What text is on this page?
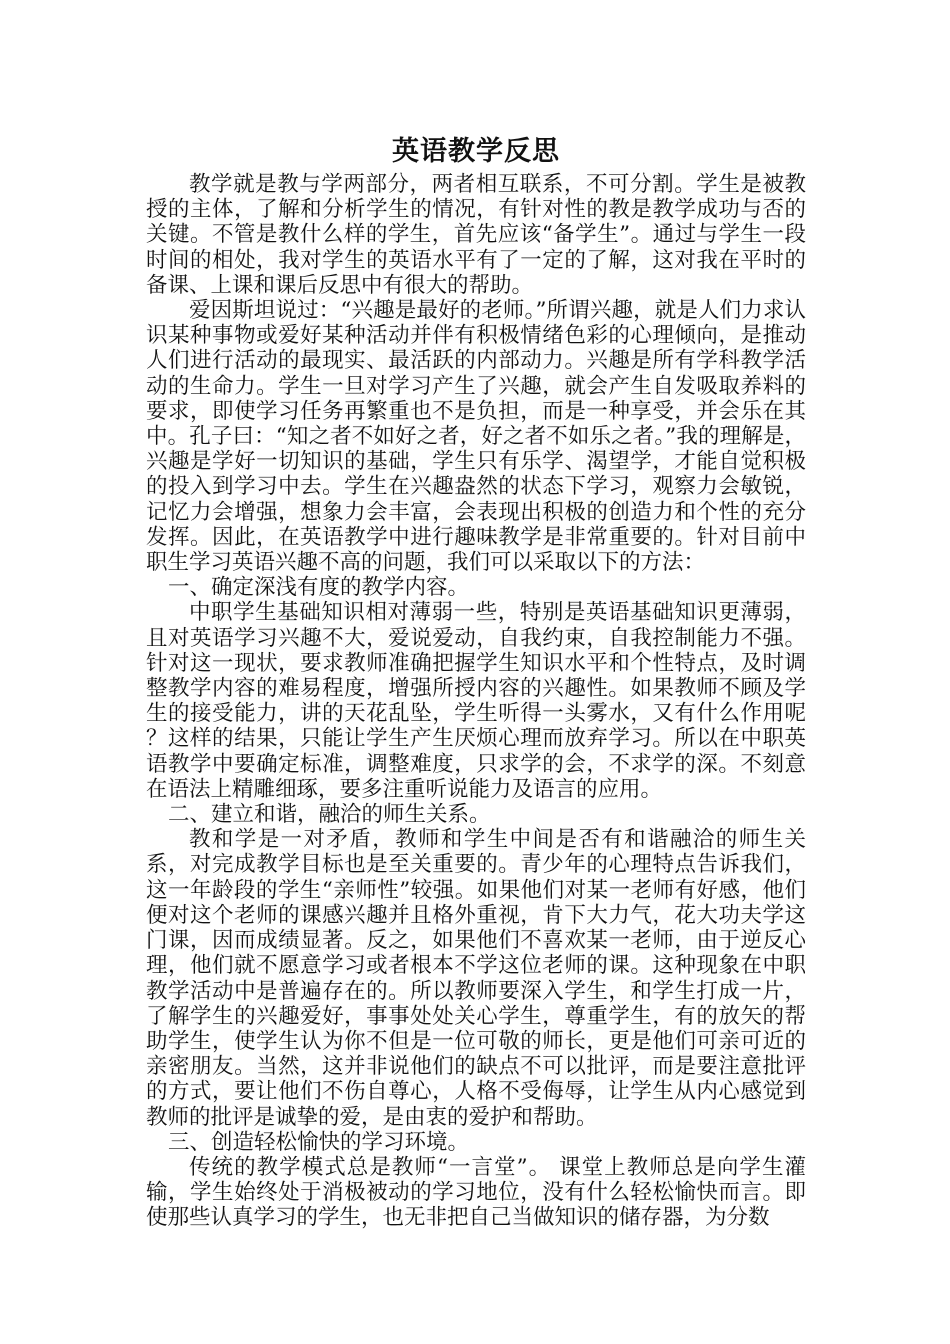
英语教学反思

教学就是教与学两部分，两者相互联系，不可分割。学生是被教授的主体，了解和分析学生的情况，有针对性的教是教学成功与否的关键。不管是教什么样的学生，首先应该“备学生”。通过与学生一段时间的相处，我对学生的英语水平有了一定的了解，这对我在平时的备课、上课和课后反思中有很大的帮助。

爱因斯坦说过：“兴趣是最好的老师。”所谓兴趣，就是人们力求认识某种事物或爱好某种活动并伴有积极情绪色彩的心理倾向，是推动人们进行活动的最现实、最活跃的内部动力。兴趣是所有学科教学活动的生命力。学生一旦对学习产生了兴趣，就会产生自发吸取养料的要求，即使学习任务再繁重也不是负担，而是一种享受，并会乐在其中。孔子曰：“知之者不如好之者，好之者不如乐之者。”我的理解是，兴趣是学好一切知识的基础，学生只有乐学、渴望学，才能自觉积极的投入到学习中去。学生在兴趣盎然的状态下学习，观察力会敏锐，记忆力会增强，想象力会丰富，会表现出积极的创造力和个性的充分发挥。因此，在英语教学中进行趣味教学是非常重要的。针对目前中职生学习英语兴趣不高的问题，我们可以采取以下的方法：

一、确定深浅有度的教学内容。

中职学生基础知识相对薄弱一些，特别是英语基础知识更薄弱，且对英语学习兴趣不大，爱说爱动，自我约束，自我控制能力不强。针对这一现状，要求教师准确把握学生知识水平和个性特点，及时调整教学内容的难易程度，增强所授内容的兴趣性。如果教师不顾及学生的接受能力，讲的天花乱坠，学生听得一头雾水，又有什么作用呢 ？这样的结果，只能让学生产生厌烦心理而放弃学习。所以在中职英语教学中要确定标准，调整难度，只求学的会，不求学的深。不刻意在语法上精雕细琢，要多注重听说能力及语言的应用。

二、建立和谐，融洽的师生关系。

教和学是一对矛盾，教师和学生中间是否有和谐融洽的师生关系，对完成教学目标也是至关重要的。青少年的心理特点告诉我们，这一年龄段的学生“亲师性”较强。如果他们对某一老师有好感，他们便对这个老师的课感兴趣并且格外重视，肯下大力气，花大功夫学这门课，因而成绩显著。反之，如果他们不喜欢某一老师，由于逆反心理，他们就不愿意学习或者根本不学这位老师的课。这种现象在中职教学活动中是普遍存在的。所以教师要深入学生，和学生打成一片，了解学生的兴趣爱好，事事处处关心学生，尊重学生，有的放矢的帮助学生，使学生认为你不但是一位可敬的师长，更是他们可亲可近的亲密朋友。当然，这并非说他们的缺点不可以批评，而是要注意批评的方式，要让他们不伤自尊心，人格不受侮辱，让学生从内心感觉到教师的批评是诚挚的爱，是由衷的爱护和帮助。

三、创造轻松愉快的学习环境。

传统的教学模式总是教师“一言堂”。 课堂上教师总是向学生灌输，学生始终处于消极被动的学习地位，没有什么轻松愉快而言。即使那些认真学习的学生，也无非把自己当做知识的储存器，为分数
